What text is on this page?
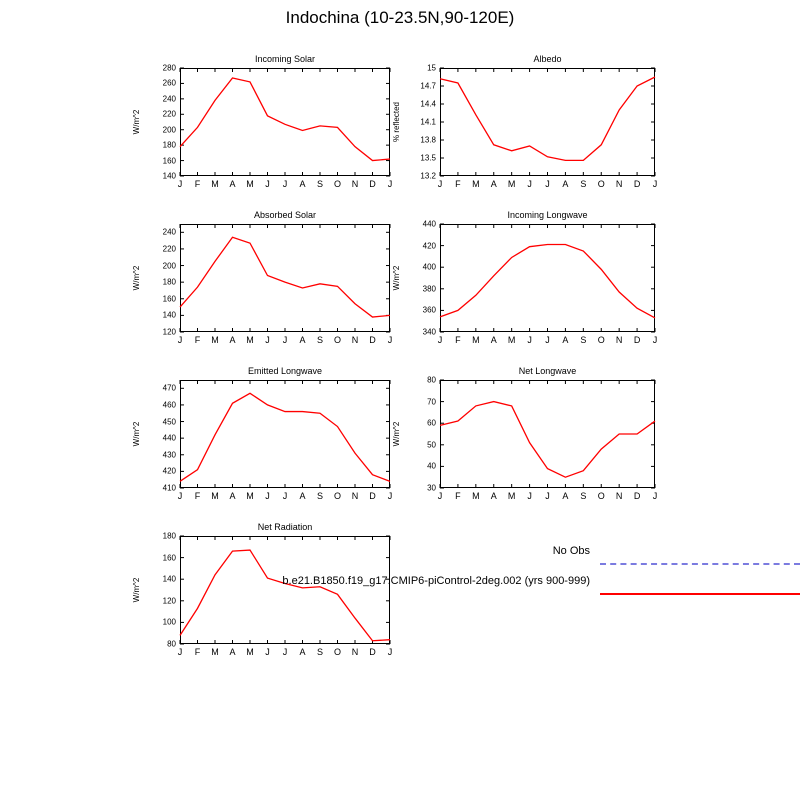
Indochina (10-23.5N,90-120E)
Incoming Solar
140
160
180
200
220
240
260
280
J F M A M J J A S O N D J
W/m^2
Albedo
13.2
13.5
13.8
14.1
14.4
14.7
15
J F M A M J J A S O N D J
% reflected
Absorbed Solar
120
140
160
180
200
220
240
J F M A M J J A S O N D J
W/m^2
Incoming Longwave
340
360
380
400
420
440
J F M A M J J A S O N D J
W/m^2
Emitted Longwave
410
420
430
440
450
460
470
J F M A M J J A S O N D J
W/m^2
Net Longwave
30
40
50
60
70
80
J F M A M J J A S O N D J
W/m^2
Net Radiation
80
100
120
140
160
180
J F M A M J J A S O N D J
W/m^2
No Obs
b.e21.B1850.f19_g17.CMIP6-piControl-2deg.002 (yrs 900-999)
